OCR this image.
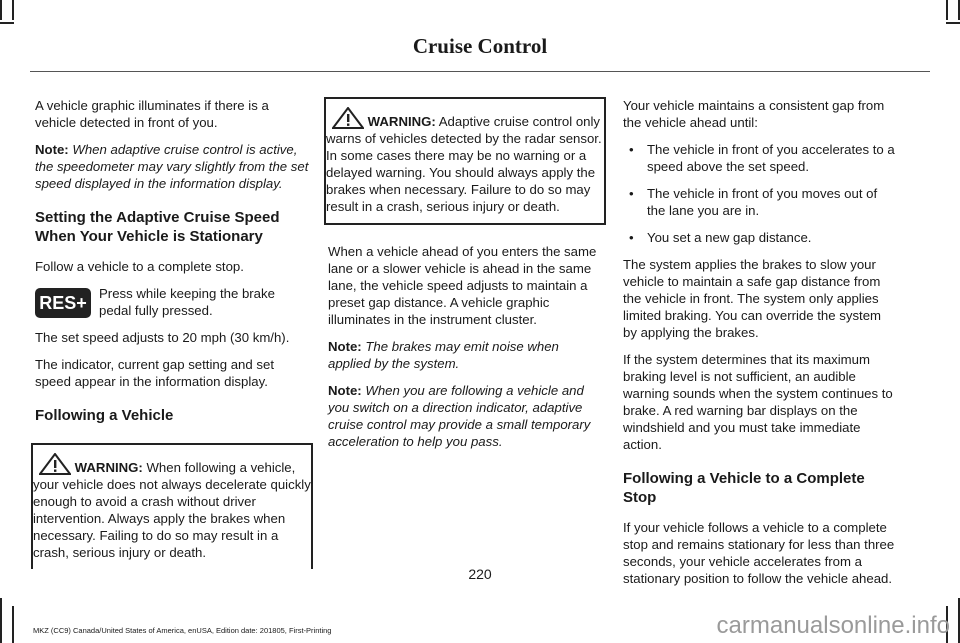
Cruise Control

A vehicle graphic illuminates if there is a vehicle detected in front of you.

Note: When adaptive cruise control is active, the speedometer may vary slightly from the set speed displayed in the information display.

Setting the Adaptive Cruise Speed When Your Vehicle is Stationary

Follow a vehicle to a complete stop.

RES+ Press while keeping the brake pedal fully pressed.

The set speed adjusts to 20 mph (30 km/h).

The indicator, current gap setting and set speed appear in the information display.

Following a Vehicle
WARNING: When following a vehicle, your vehicle does not always decelerate quickly enough to avoid a crash without driver intervention. Always apply the brakes when necessary. Failing to do so may result in a crash, serious injury or death.
WARNING: Adaptive cruise control only warns of vehicles detected by the radar sensor. In some cases there may be no warning or a delayed warning. You should always apply the brakes when necessary. Failure to do so may result in a crash, serious injury or death.

When a vehicle ahead of you enters the same lane or a slower vehicle is ahead in the same lane, the vehicle speed adjusts to maintain a preset gap distance. A vehicle graphic illuminates in the instrument cluster.

Note: The brakes may emit noise when applied by the system.

Note: When you are following a vehicle and you switch on a direction indicator, adaptive cruise control may provide a small temporary acceleration to help you pass.

Your vehicle maintains a consistent gap from the vehicle ahead until:

• The vehicle in front of you accelerates to a speed above the set speed.
• The vehicle in front of you moves out of the lane you are in.
• You set a new gap distance.

The system applies the brakes to slow your vehicle to maintain a safe gap distance from the vehicle in front. The system only applies limited braking. You can override the system by applying the brakes.

If the system determines that its maximum braking level is not sufficient, an audible warning sounds when the system continues to brake. A red warning bar displays on the windshield and you must take immediate action.

Following a Vehicle to a Complete Stop

If your vehicle follows a vehicle to a complete stop and remains stationary for less than three seconds, your vehicle accelerates from a stationary position to follow the vehicle ahead.

220
MKZ (CC9) Canada/United States of America, enUSA, Edition date: 201805, First-Printing	carmanualsonline.info
